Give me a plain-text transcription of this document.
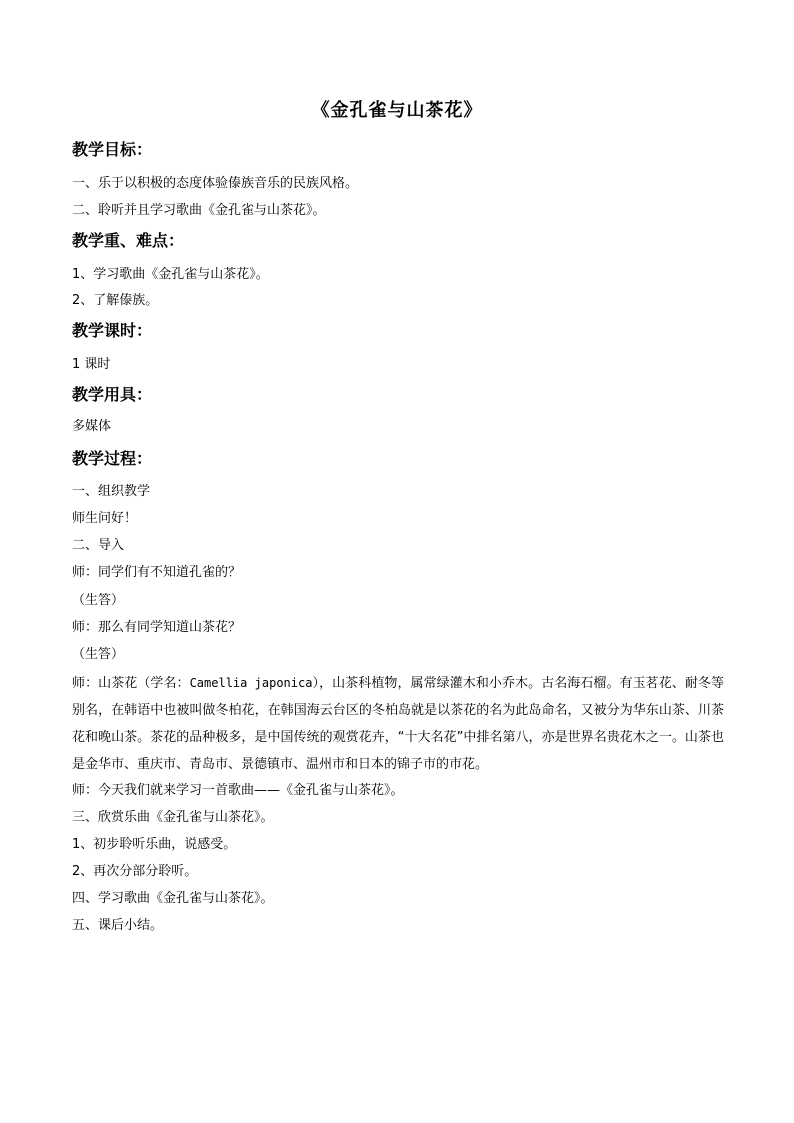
《金孔雀与山茶花》
教学目标：
一、乐于以积极的态度体验傣族音乐的民族风格。
二、聆听并且学习歌曲《金孔雀与山茶花》。
教学重、难点：
1、学习歌曲《金孔雀与山茶花》。
2、了解傣族。
教学课时：
1 课时
教学用具：
多媒体
教学过程：
一、组织教学
师生问好！
二、导入
师：同学们有不知道孔雀的？
（生答）
师：那么有同学知道山茶花？
（生答）
师：山茶花（学名：Camellia japonica），山茶科植物，属常绿灌木和小乔木。古名海石榴。有玉茗花、耐冬等别名，在韩语中也被叫做冬柏花，在韩国海云台区的冬柏岛就是以茶花的名为此岛命名，又被分为华东山茶、川茶花和晚山茶。茶花的品种极多，是中国传统的观赏花卉，“十大名花”中排名第八，亦是世界名贵花木之一。山茶也是金华市、重庆市、青岛市、景德镇市、温州市和日本的锦子市的市花。
师：今天我们就来学习一首歌曲——《金孔雀与山茶花》。
三、欣赏乐曲《金孔雀与山茶花》。
1、初步聆听乐曲，说感受。
2、再次分部分聆听。
四、学习歌曲《金孔雀与山茶花》。
五、课后小结。
